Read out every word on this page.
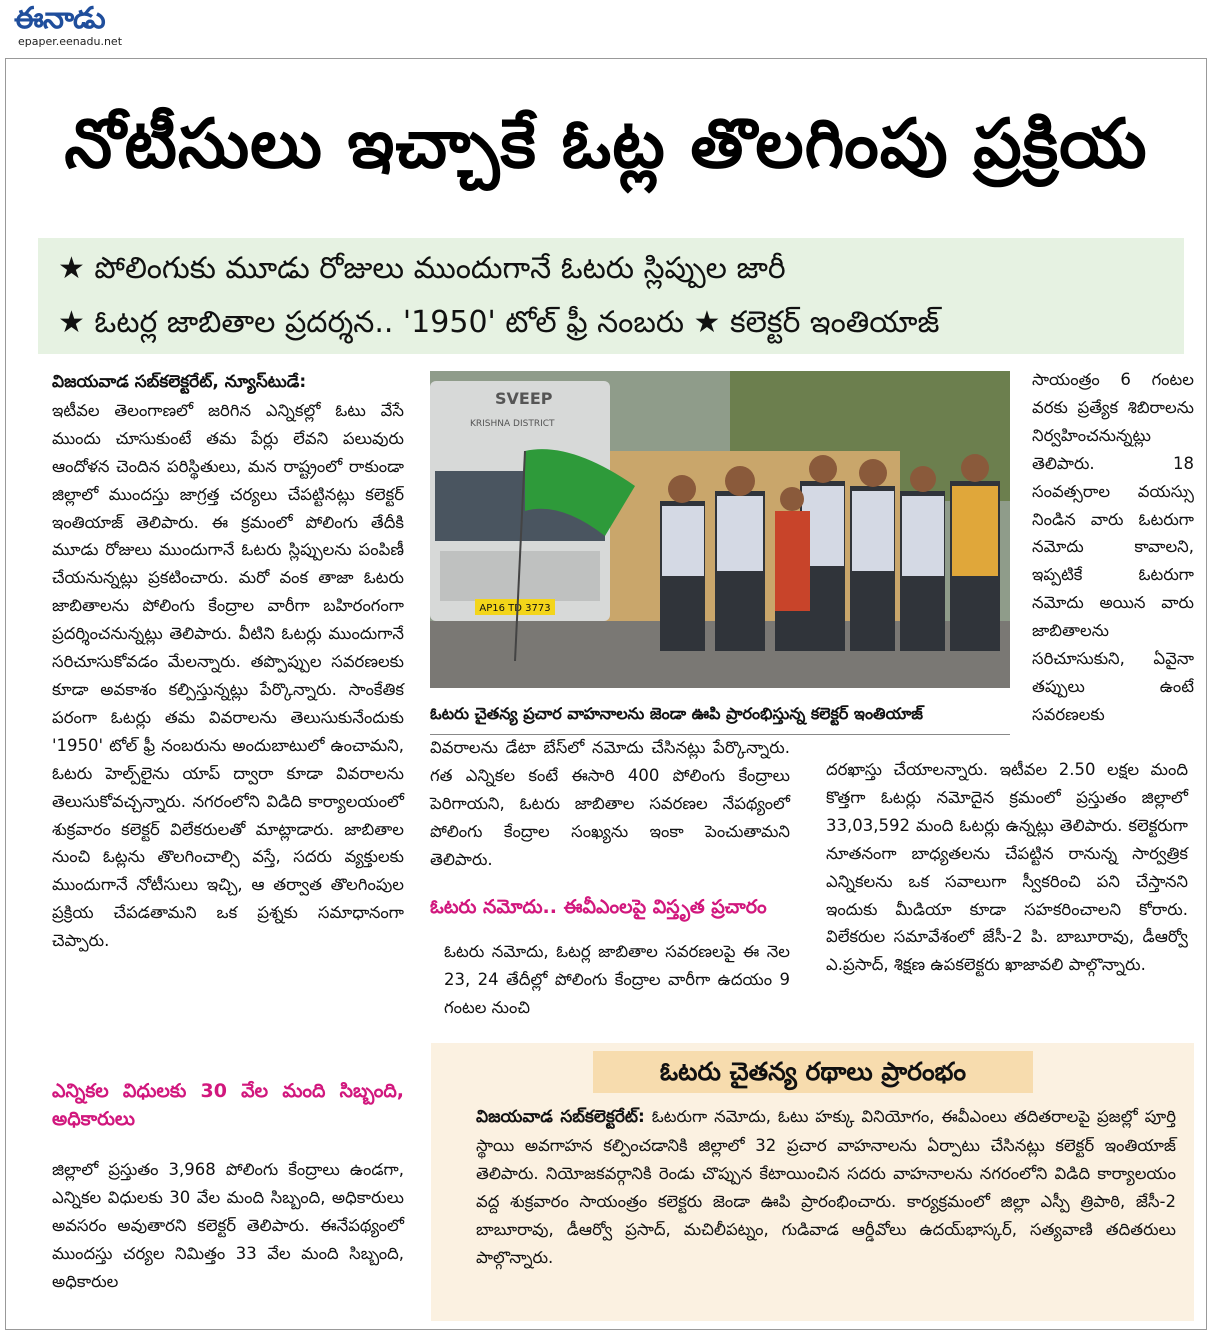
ఈనాడు
epaper.eenadu.net
నోటీసులు ఇచ్చాకే ఓట్ల తొలగింపు ప్రక్రియ
★ పోలింగుకు మూడు రోజులు ముందుగానే ఓటరు స్లిప్పుల జారీ
★ ఓటర్ల జాబితాల ప్రదర్శన.. '1950' టోల్ ఫ్రీ నంబరు ★ కలెక్టర్ ఇంతియాజ్

విజయవాడ సబ్‌కలెక్టరేట్, న్యూస్‌టుడే:

ఇటీవల తెలంగాణలో జరిగిన ఎన్నికల్లో ఓటు వేసే ముందు చూసుకుంటే తమ పేర్లు లేవని పలువురు ఆందోళన చెందిన పరిస్థితులు, మన రాష్ట్రంలో రాకుండా జిల్లాలో ముందస్తు జాగ్రత్త చర్యలు చేపట్టినట్లు కలెక్టర్ ఇంతియాజ్ తెలిపారు. ఈ క్రమంలో పోలింగు తేదీకి మూడు రోజులు ముందుగానే ఓటరు స్లిప్పులను పంపిణీ చేయనున్నట్లు ప్రకటించారు. మరో వంక తాజా ఓటరు జాబితాలను పోలింగు కేంద్రాల వారీగా బహిరంగంగా ప్రదర్శించనున్నట్లు తెలిపారు. వీటిని ఓటర్లు ముందుగానే సరిచూసుకోవడం మేలన్నారు. తప్పొప్పుల సవరణలకు కూడా అవకాశం కల్పిస్తున్నట్లు పేర్కొన్నారు. సాంకేతిక పరంగా ఓటర్లు తమ వివరాలను తెలుసుకునేందుకు '1950' టోల్ ఫ్రీ నంబరును అందుబాటులో ఉంచామని, ఓటరు హెల్ప్‌లైను యాప్ ద్వారా కూడా వివరాలను తెలుసుకోవచ్చన్నారు. నగరంలోని విడిది కార్యాలయంలో శుక్రవారం కలెక్టర్ విలేకరులతో మాట్లాడారు. జాబితాల నుంచి ఓట్లను తొలగించాల్సి వస్తే, సదరు వ్యక్తులకు ముందుగానే నోటీసులు ఇచ్చి, ఆ తర్వాత తొలగింపుల ప్రక్రియ చేపడతామని ఒక ప్రశ్నకు సమాధానంగా చెప్పారు.

ఎన్నికల విధులకు 30 వేల మంది సిబ్బంది, అధికారులు

జిల్లాలో ప్రస్తుతం 3,968 పోలింగు కేంద్రాలు ఉండగా, ఎన్నికల విధులకు 30 వేల మంది సిబ్బంది, అధికారులు అవసరం అవుతారని కలెక్టర్ తెలిపారు. ఈనేపథ్యంలో ముందస్తు చర్యల నిమిత్తం 33 వేల మంది సిబ్బంది, అధికారుల

AP16 TD 3773
SVEEP
KRISHNA DISTRICT
ఓటరు చైతన్య ప్రచార వాహనాలను జెండా ఊపి ప్రారంభిస్తున్న కలెక్టర్ ఇంతియాజ్

సాయంత్రం 6 గంటల వరకు ప్రత్యేక శిబిరాలను నిర్వహించనున్నట్లు తెలిపారు. 18 సంవత్సరాల వయస్సు నిండిన వారు ఓటరుగా నమోదు కావాలని, ఇప్పటికే ఓటరుగా నమోదు అయిన వారు జాబితాలను సరిచూసుకుని, ఏవైనా తప్పులు ఉంటే సవరణలకు

వివరాలను డేటా బేస్‌లో నమోదు చేసినట్లు పేర్కొన్నారు. గత ఎన్నికల కంటే ఈసారి 400 పోలింగు కేంద్రాలు పెరిగాయని, ఓటరు జాబితాల సవరణల నేపథ్యంలో పోలింగు కేంద్రాల సంఖ్యను ఇంకా పెంచుతామని తెలిపారు.

ఓటరు నమోదు.. ఈవీఎంలపై విస్తృత ప్రచారం

ఓటరు నమోదు, ఓటర్ల జాబితాల సవరణలపై ఈ నెల 23, 24 తేదీల్లో పోలింగు కేంద్రాల వారీగా ఉదయం 9 గంటల నుంచి

దరఖాస్తు చేయాలన్నారు. ఇటీవల 2.50 లక్షల మంది కొత్తగా ఓటర్లు నమోదైన క్రమంలో ప్రస్తుతం జిల్లాలో 33,03,592 మంది ఓటర్లు ఉన్నట్లు తెలిపారు. కలెక్టరుగా నూతనంగా బాధ్యతలను చేపట్టిన రానున్న సార్వత్రిక ఎన్నికలను ఒక సవాలుగా స్వీకరించి పని చేస్తానని ఇందుకు మీడియా కూడా సహకరించాలని కోరారు. విలేకరుల సమావేశంలో జేసీ-2 పి. బాబూరావు, డీఆర్వో ఎ.ప్రసాద్, శిక్షణ ఉపకలెక్టరు ఖాజావలి పాల్గొన్నారు.

ఓటరు చైతన్య రథాలు ప్రారంభం

విజయవాడ సబ్‌కలెక్టరేట్: ఓటరుగా నమోదు, ఓటు హక్కు వినియోగం, ఈవీఎంలు తదితరాలపై ప్రజల్లో పూర్తి స్థాయి అవగాహన కల్పించడానికి జిల్లాలో 32 ప్రచార వాహనాలను ఏర్పాటు చేసినట్లు కలెక్టర్ ఇంతియాజ్ తెలిపారు. నియోజకవర్గానికి రెండు చొప్పున కేటాయించిన సదరు వాహనాలను నగరంలోని విడిది కార్యాలయం వద్ద శుక్రవారం సాయంత్రం కలెక్టరు జెండా ఊపి ప్రారంభించారు. కార్యక్రమంలో జిల్లా ఎస్పీ త్రిపాఠి, జేసీ-2 బాబూరావు, డీఆర్వో ప్రసాద్, మచిలీపట్నం, గుడివాడ ఆర్డీవోలు ఉదయ్‌భాస్కర్, సత్యవాణి తదితరులు పాల్గొన్నారు.
